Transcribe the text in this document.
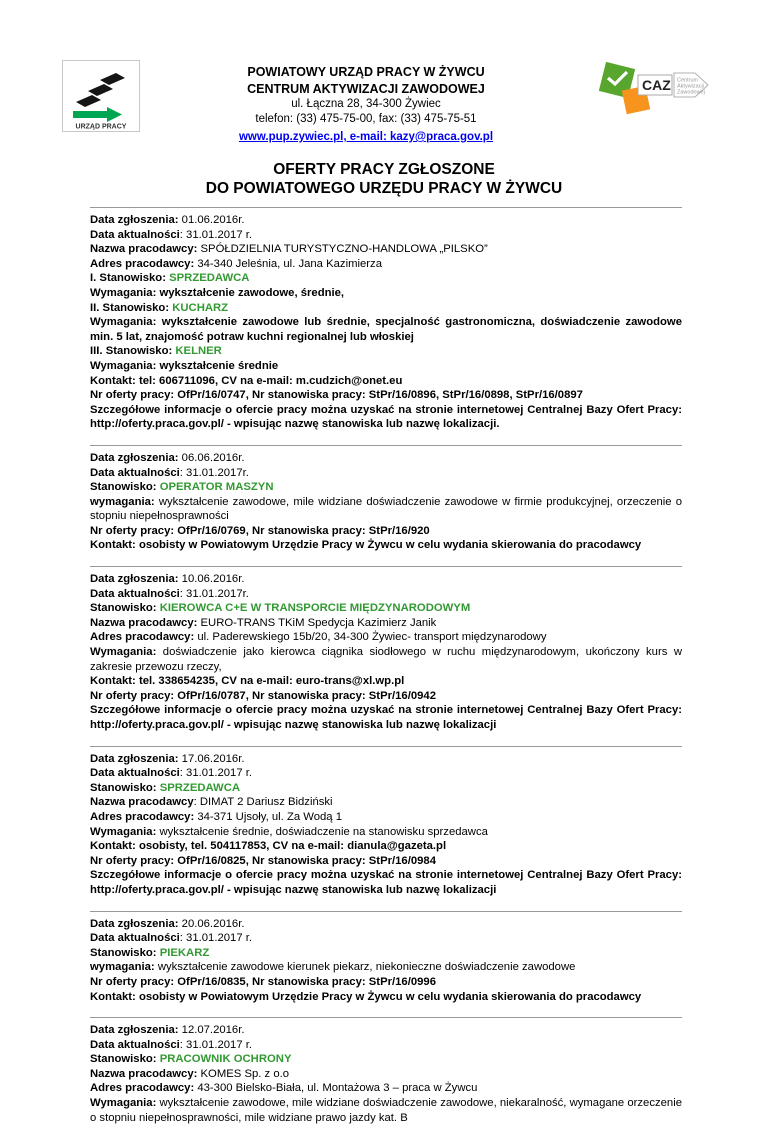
URZĄD PRACY
POWIATOWY URZĄD PRACY W ŻYWCU
CENTRUM AKTYWIZACJI ZAWODOWEJ
ul. Łączna 28, 34-300 Żywiec
telefon: (33) 475-75-00, fax: (33) 475-75-51
www.pup.zywiec.pl, e-mail: kazy@praca.gov.pl
CAZ Centrum
Aktywizacji
Zawodowej
OFERTY PRACY ZGŁOSZONE
DO POWIATOWEGO URZĘDU PRACY W ŻYWCU
Data zgłoszenia: 01.06.2016r.
Data aktualności: 31.01.2017 r.
Nazwa pracodawcy: SPÓŁDZIELNIA TURYSTYCZNO-HANDLOWA „PILSKO”
Adres pracodawcy: 34-340 Jeleśnia, ul. Jana Kazimierza
I. Stanowisko: SPRZEDAWCA
Wymagania: wykształcenie zawodowe, średnie,
II. Stanowisko: KUCHARZ
Wymagania: wykształcenie zawodowe lub średnie, specjalność gastronomiczna, doświadczenie zawodowe min. 5 lat, znajomość potraw kuchni regionalnej lub włoskiej
III. Stanowisko: KELNER
Wymagania: wykształcenie średnie
Kontakt: tel: 606711096, CV na e-mail: m.cudzich@onet.eu
Nr oferty pracy: OfPr/16/0747, Nr stanowiska pracy: StPr/16/0896, StPr/16/0898, StPr/16/0897
Szczegółowe informacje o ofercie pracy można uzyskać na stronie internetowej Centralnej Bazy Ofert Pracy: http://oferty.praca.gov.pl/ - wpisując nazwę stanowiska lub nazwę lokalizacji.
Data zgłoszenia: 06.06.2016r.
Data aktualności: 31.01.2017r.
Stanowisko: OPERATOR MASZYN
wymagania: wykształcenie zawodowe, mile widziane doświadczenie zawodowe w firmie produkcyjnej, orzeczenie o stopniu niepełnosprawności
Nr oferty pracy: OfPr/16/0769, Nr stanowiska pracy: StPr/16/920
Kontakt: osobisty w Powiatowym Urzędzie Pracy w Żywcu w celu wydania skierowania do pracodawcy
Data zgłoszenia: 10.06.2016r.
Data aktualności: 31.01.2017r.
Stanowisko: KIEROWCA C+E W TRANSPORCIE MIĘDZYNARODOWYM
Nazwa pracodawcy: EURO-TRANS TKiM Spedycja Kazimierz Janik
Adres pracodawcy: ul. Paderewskiego 15b/20, 34-300 Żywiec- transport międzynarodowy
Wymagania: doświadczenie jako kierowca ciągnika siodłowego w ruchu międzynarodowym, ukończony kurs w zakresie przewozu rzeczy,
Kontakt: tel. 338654235, CV na e-mail: euro-trans@xl.wp.pl
Nr oferty pracy: OfPr/16/0787, Nr stanowiska pracy: StPr/16/0942
Szczegółowe informacje o ofercie pracy można uzyskać na stronie internetowej Centralnej Bazy Ofert Pracy: http://oferty.praca.gov.pl/ - wpisując nazwę stanowiska lub nazwę lokalizacji
Data zgłoszenia: 17.06.2016r.
Data aktualności: 31.01.2017 r.
Stanowisko: SPRZEDAWCA
Nazwa pracodawcy: DIMAT 2 Dariusz Bidziński
Adres pracodawcy: 34-371 Ujsoły, ul. Za Wodą 1
Wymagania: wykształcenie średnie, doświadczenie na stanowisku sprzedawca
Kontakt: osobisty, tel. 504117853, CV na e-mail: dianula@gazeta.pl
Nr oferty pracy: OfPr/16/0825, Nr stanowiska pracy: StPr/16/0984
Szczegółowe informacje o ofercie pracy można uzyskać na stronie internetowej Centralnej Bazy Ofert Pracy: http://oferty.praca.gov.pl/ - wpisując nazwę stanowiska lub nazwę lokalizacji
Data zgłoszenia: 20.06.2016r.
Data aktualności: 31.01.2017 r.
Stanowisko: PIEKARZ
wymagania: wykształcenie zawodowe kierunek piekarz, niekonieczne doświadczenie zawodowe
Nr oferty pracy: OfPr/16/0835, Nr stanowiska pracy: StPr/16/0996
Kontakt: osobisty w Powiatowym Urzędzie Pracy w Żywcu w celu wydania skierowania do pracodawcy
Data zgłoszenia: 12.07.2016r.
Data aktualności: 31.01.2017 r.
Stanowisko: PRACOWNIK OCHRONY
Nazwa pracodawcy: KOMES Sp. z o.o
Adres pracodawcy: 43-300 Bielsko-Biała, ul. Montażowa 3 – praca w Żywcu
Wymagania: wykształcenie zawodowe, mile widziane doświadczenie zawodowe, niekaralność, wymagane orzeczenie o stopniu niepełnosprawności, mile widziane prawo jazdy kat. B
